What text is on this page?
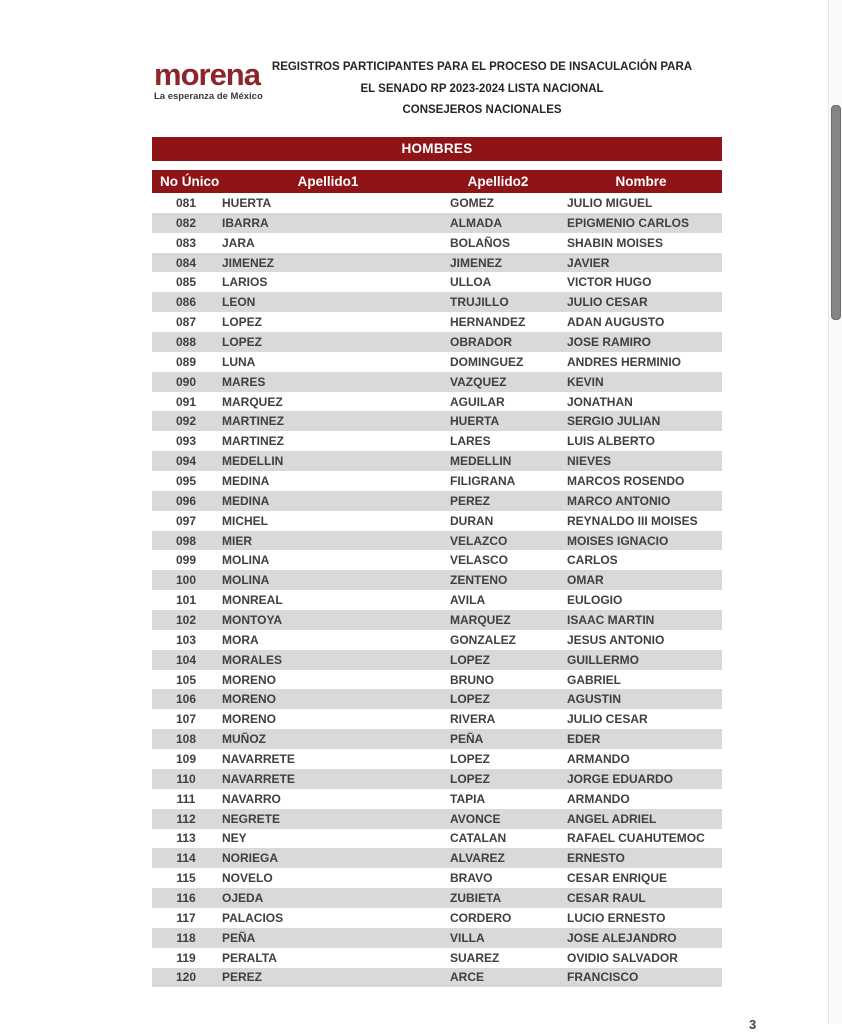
morena
La esperanza de México
REGISTROS PARTICIPANTES PARA EL PROCESO DE INSACULACIÓN PARA
EL SENADO RP 2023-2024 LISTA NACIONAL
CONSEJEROS NACIONALES
HOMBRES
No Único	Apellido1	Apellido2	Nombre
081	HUERTA	GOMEZ	JULIO MIGUEL
082	IBARRA	ALMADA	EPIGMENIO CARLOS
083	JARA	BOLAÑOS	SHABIN MOISES
084	JIMENEZ	JIMENEZ	JAVIER
085	LARIOS	ULLOA	VICTOR HUGO
086	LEON	TRUJILLO	JULIO CESAR
087	LOPEZ	HERNANDEZ	ADAN AUGUSTO
088	LOPEZ	OBRADOR	JOSE RAMIRO
089	LUNA	DOMINGUEZ	ANDRES HERMINIO
090	MARES	VAZQUEZ	KEVIN
091	MARQUEZ	AGUILAR	JONATHAN
092	MARTINEZ	HUERTA	SERGIO JULIAN
093	MARTINEZ	LARES	LUIS ALBERTO
094	MEDELLIN	MEDELLIN	NIEVES
095	MEDINA	FILIGRANA	MARCOS ROSENDO
096	MEDINA	PEREZ	MARCO ANTONIO
097	MICHEL	DURAN	REYNALDO III MOISES
098	MIER	VELAZCO	MOISES IGNACIO
099	MOLINA	VELASCO	CARLOS
100	MOLINA	ZENTENO	OMAR
101	MONREAL	AVILA	EULOGIO
102	MONTOYA	MARQUEZ	ISAAC MARTIN
103	MORA	GONZALEZ	JESUS ANTONIO
104	MORALES	LOPEZ	GUILLERMO
105	MORENO	BRUNO	GABRIEL
106	MORENO	LOPEZ	AGUSTIN
107	MORENO	RIVERA	JULIO CESAR
108	MUÑOZ	PEÑA	EDER
109	NAVARRETE	LOPEZ	ARMANDO
110	NAVARRETE	LOPEZ	JORGE EDUARDO
111	NAVARRO	TAPIA	ARMANDO
112	NEGRETE	AVONCE	ANGEL ADRIEL
113	NEY	CATALAN	RAFAEL CUAHUTEMOC
114	NORIEGA	ALVAREZ	ERNESTO
115	NOVELO	BRAVO	CESAR ENRIQUE
116	OJEDA	ZUBIETA	CESAR RAUL
117	PALACIOS	CORDERO	LUCIO ERNESTO
118	PEÑA	VILLA	JOSE ALEJANDRO
119	PERALTA	SUAREZ	OVIDIO SALVADOR
120	PEREZ	ARCE	FRANCISCO
3
